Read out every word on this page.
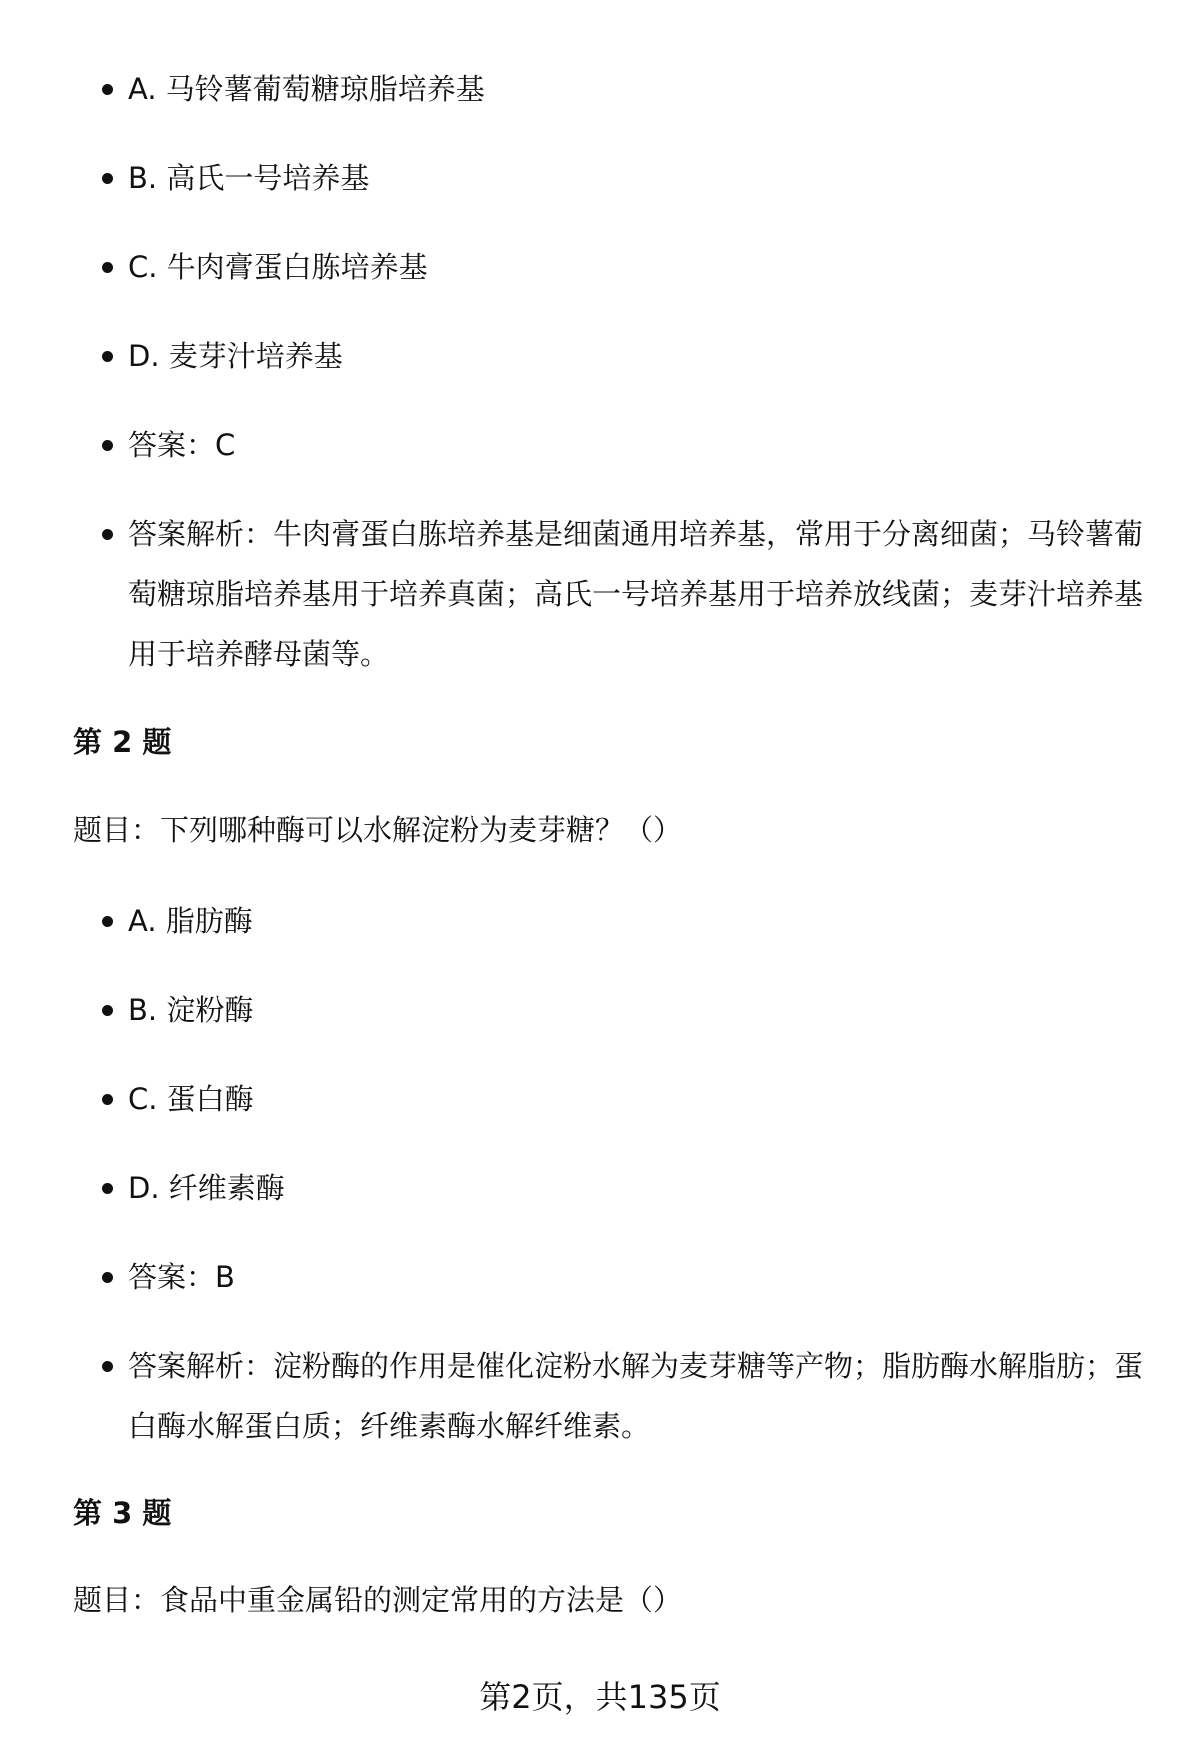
A. 马铃薯葡萄糖琼脂培养基
B. 高氏一号培养基
C. 牛肉膏蛋白胨培养基
D. 麦芽汁培养基
答案：C
答案解析：牛肉膏蛋白胨培养基是细菌通用培养基，常用于分离细菌；马铃薯葡萄糖琼脂培养基用于培养真菌；高氏一号培养基用于培养放线菌；麦芽汁培养基用于培养酵母菌等。
第 2 题
题目：下列哪种酶可以水解淀粉为麦芽糖？（）
A. 脂肪酶
B. 淀粉酶
C. 蛋白酶
D. 纤维素酶
答案：B
答案解析：淀粉酶的作用是催化淀粉水解为麦芽糖等产物；脂肪酶水解脂肪；蛋白酶水解蛋白质；纤维素酶水解纤维素。
第 3 题
题目：食品中重金属铅的测定常用的方法是（）
第2页，共135页
